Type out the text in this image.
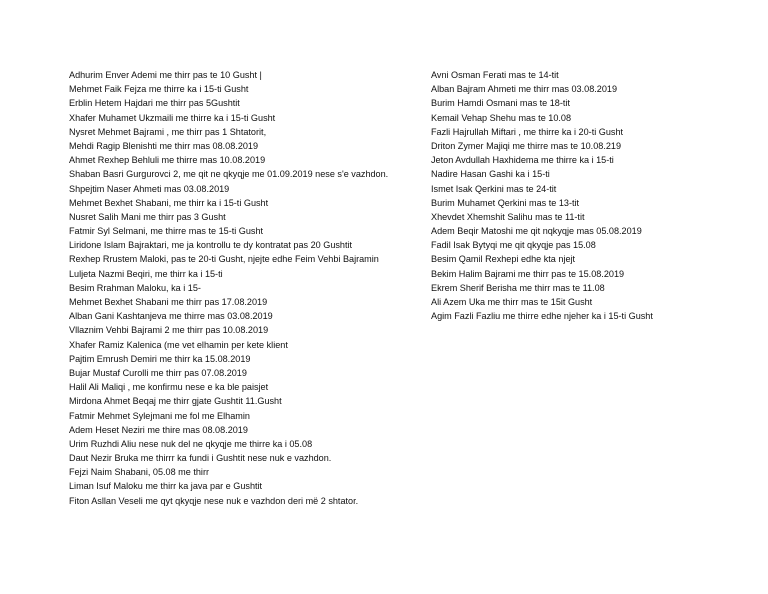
Adhurim Enver Ademi me thirr pas te 10 Gusht |
Mehmet Faik Fejza me thirre ka i 15-ti Gusht
Erblin Hetem Hajdari me thirr pas 5Gushtit
Xhafer Muhamet Ukzmaili me thirre ka i 15-ti Gusht
Nysret Mehmet Bajrami , me thirr pas 1 Shtatorit,
Mehdi Ragip Blenishti me thirr mas 08.08.2019
Ahmet Rexhep Behluli me thirre mas 10.08.2019
Shaban Basri Gurgurovci 2, me qit ne qkyqje me 01.09.2019 nese s'e vazhdon.
Shpejtim Naser Ahmeti mas 03.08.2019
Mehmet Bexhet Shabani, me thirr ka i 15-ti Gusht
Nusret Salih Mani me thirr pas 3 Gusht
Fatmir Syl Selmani, me thirre mas te 15-ti Gusht
Liridone Islam Bajraktari, me ja kontrollu te dy kontratat pas 20 Gushtit
Rexhep Rrustem Maloki, pas te 20-ti Gusht, njejte edhe Feim Vehbi Bajramin
Luljeta Nazmi Beqiri, me thirr ka i 15-ti
Besim Rrahman Maloku, ka i 15-
Mehmet Bexhet Shabani me thirr pas 17.08.2019
Alban Gani Kashtanjeva me thirre mas 03.08.2019
Vllaznim Vehbi Bajrami 2 me thirr pas 10.08.2019
Xhafer Ramiz Kalenica (me vet elhamin per kete klient
Pajtim Emrush Demiri me thirr ka 15.08.2019
Bujar Mustaf Curolli me thirr pas 07.08.2019
Halil Ali Maliqi , me konfirmu nese e ka ble paisjet
Mirdona Ahmet Beqaj me thirr gjate Gushtit 11.Gusht
Fatmir Mehmet Sylejmani me fol me Elhamin
Adem Heset Neziri me thire mas 08.08.2019
Urim Ruzhdi Aliu nese nuk del ne qkyqje me thirre ka i 05.08
Daut Nezir Bruka me thirrr ka fundi i Gushtit nese nuk e vazhdon.
Fejzi Naim Shabani, 05.08 me thirr
Liman Isuf Maloku me thirr ka java par e Gushtit
Fiton Asllan Veseli me qyt qkyqje nese nuk e vazhdon deri më 2 shtator.
Avni Osman Ferati mas te 14-tit
Alban Bajram Ahmeti me thirr mas 03.08.2019
Burim Hamdi Osmani mas te 18-tit
Kemail Vehap Shehu mas te 10.08
Fazli Hajrullah Miftari , me thirre ka i 20-ti Gusht
Driton Zymer Majiqi me thirre mas te 10.08.219
Jeton Avdullah Haxhidema me thirre ka i 15-ti
Nadire Hasan Gashi ka i 15-ti
Ismet Isak Qerkini mas te 24-tit
Burim Muhamet Qerkini mas te 13-tit
Xhevdet Xhemshit Salihu mas te 11-tit
Adem Beqir Matoshi me qit nqkyqje mas 05.08.2019
Fadil Isak Bytyqi me qit qkyqje pas 15.08
Besim Qamil Rexhepi edhe kta njejt
Bekim Halim Bajrami me thirr pas te 15.08.2019
Ekrem Sherif Berisha me thirr mas te 11.08
Ali Azem Uka me thirr mas te 15it Gusht
Agim Fazli Fazliu me thirre edhe njeher ka i 15-ti Gusht
